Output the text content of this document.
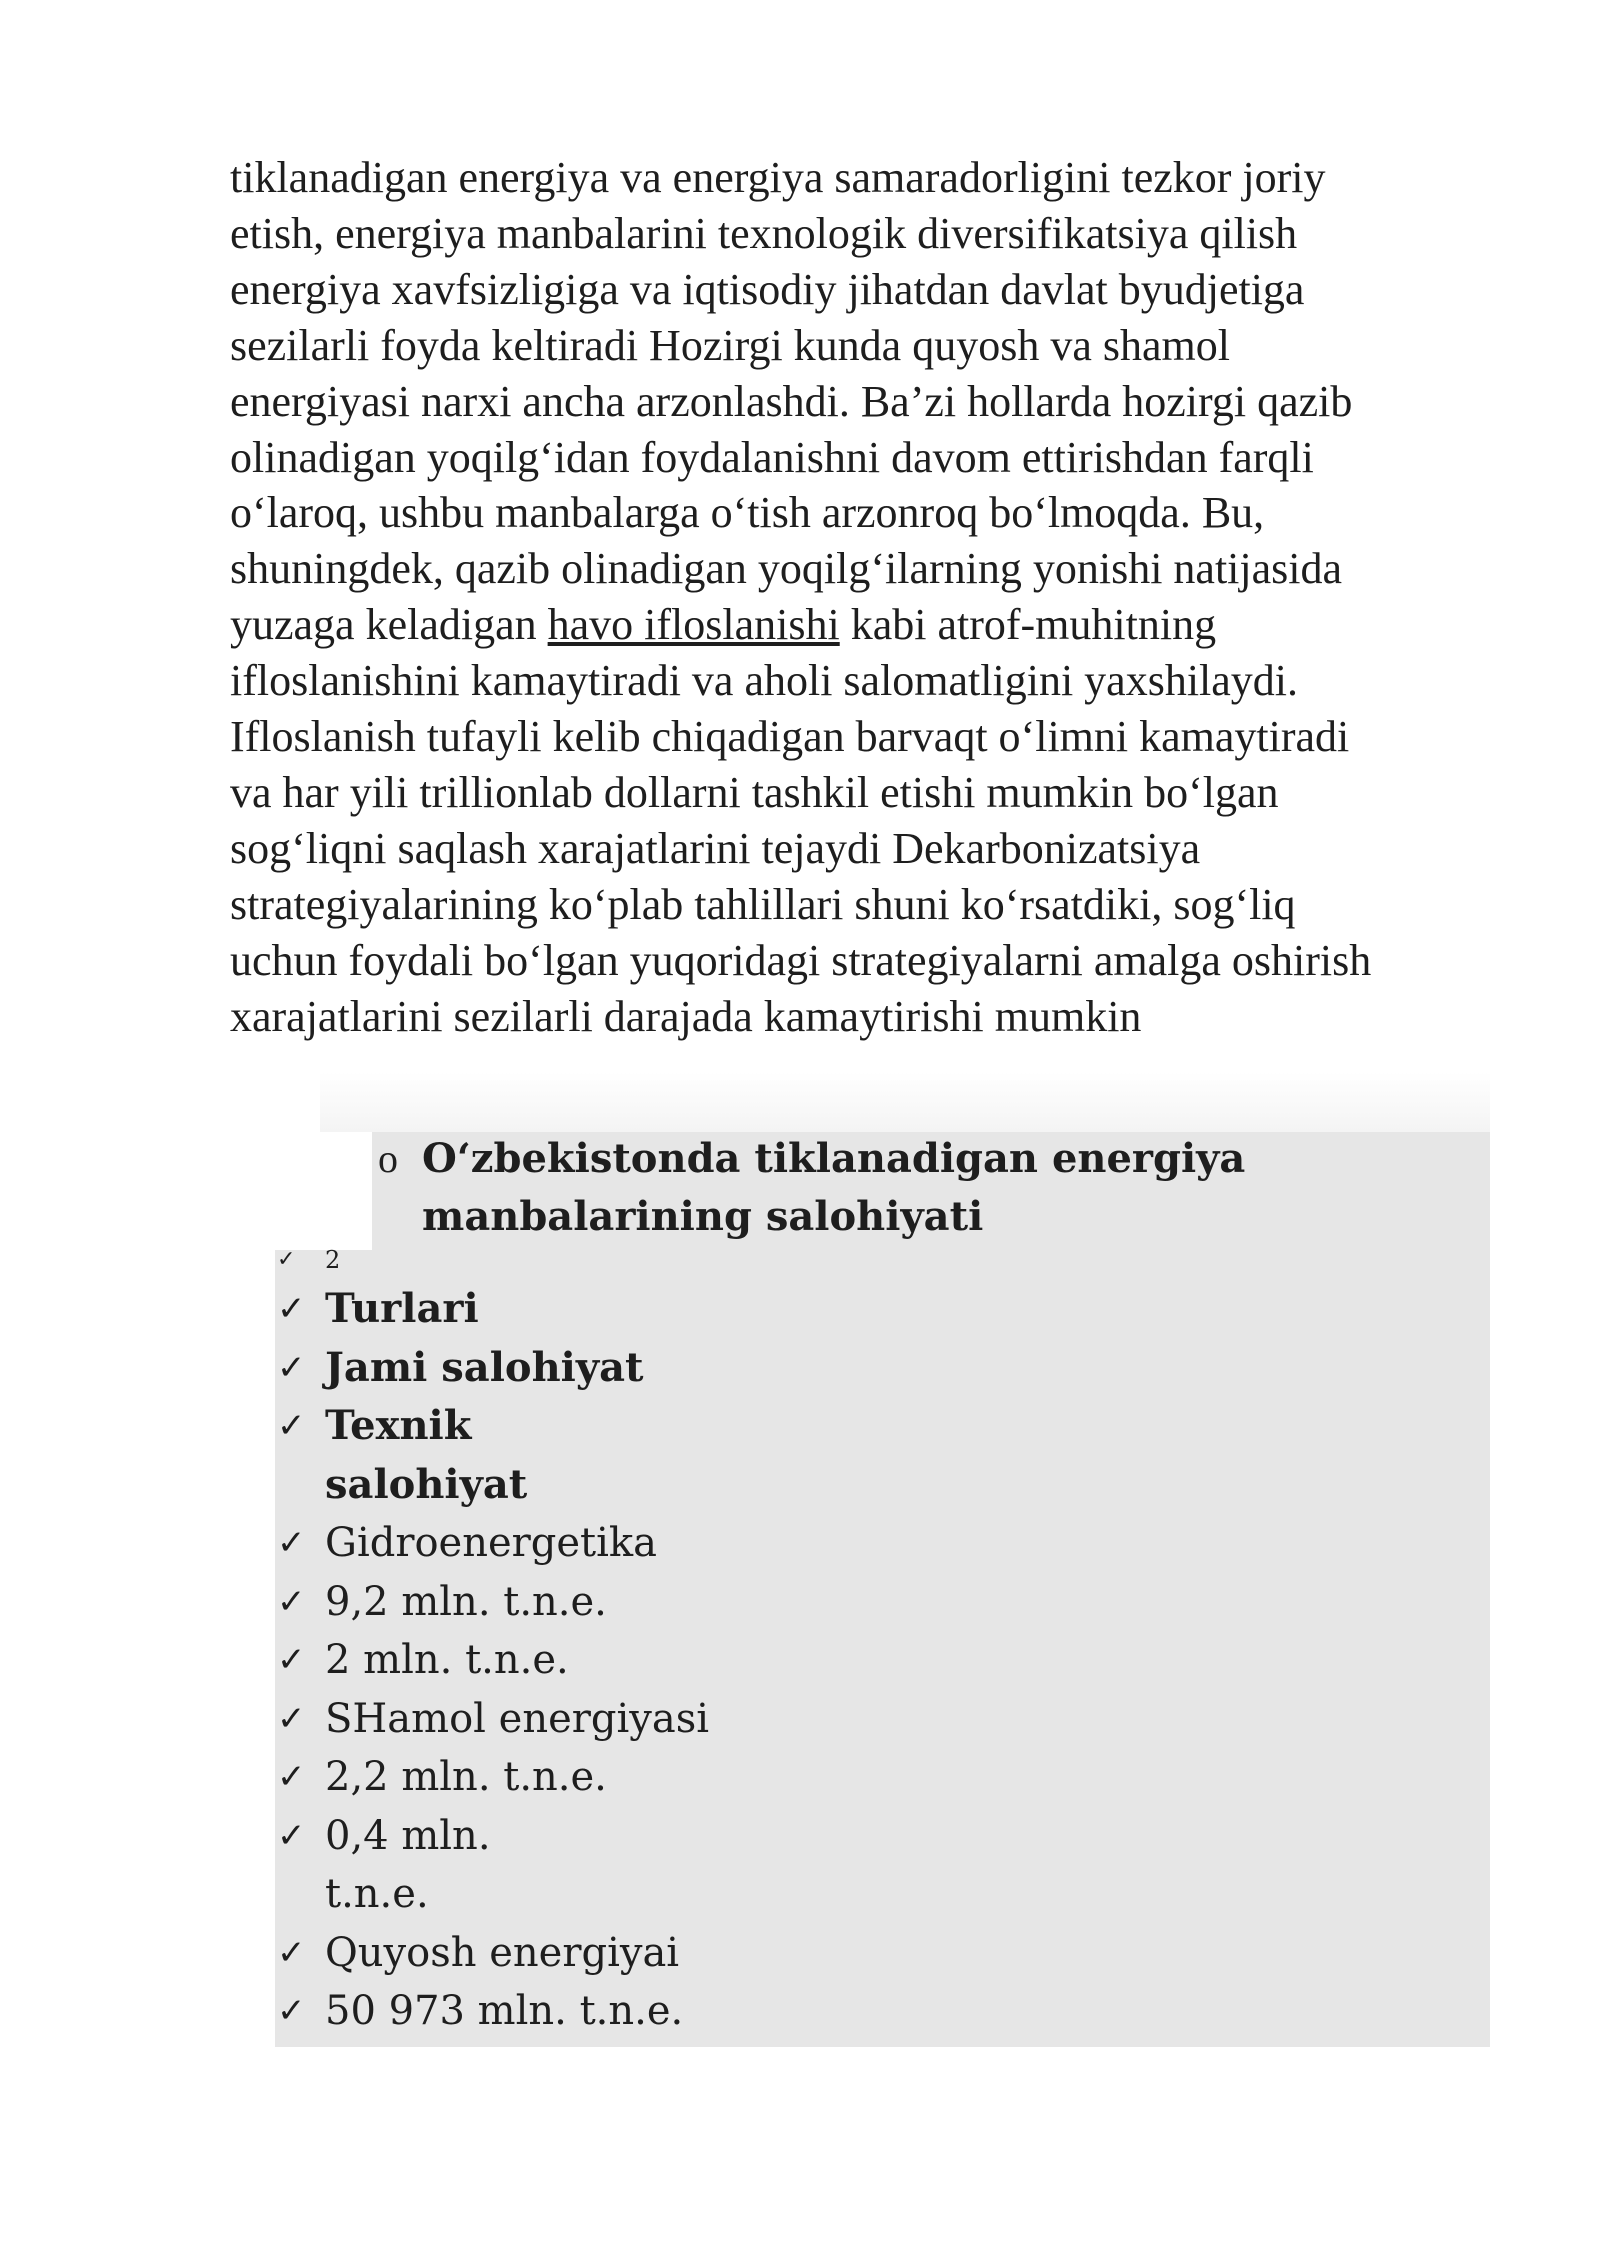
tiklanadigan energiya va energiya samaradorligini tezkor joriy

etish, energiya manbalarini texnologik diversifikatsiya qilish

energiya xavfsizligiga va iqtisodiy jihatdan davlat byudjetiga

sezilarli foyda keltiradi Hozirgi kunda quyosh va shamol

energiyasi narxi ancha arzonlashdi. Ba’zi hollarda hozirgi qazib

olinadigan yoqilg‘idan foydalanishni davom ettirishdan farqli

o‘laroq, ushbu manbalarga o‘tish arzonroq bo‘lmoqda. Bu,

shuningdek, qazib olinadigan yoqilg‘ilarning yonishi natijasida

yuzaga keladigan havo ifloslanishi kabi atrof-muhitning

ifloslanishini kamaytiradi va aholi salomatligini yaxshilaydi.

Ifloslanish tufayli kelib chiqadigan barvaqt o‘limni kamaytiradi

va har yili trillionlab dollarni tashkil etishi mumkin bo‘lgan

sog‘liqni saqlash xarajatlarini tejaydi Dekarbonizatsiya

strategiyalarining ko‘plab tahlillari shuni ko‘rsatdiki, sog‘liq

uchun foydali bo‘lgan yuqoridagi strategiyalarni amalga oshirish

xarajatlarini sezilarli darajada kamaytirishi mumkin

o O‘zbekistonda tiklanadigan energiya
manbalarining salohiyati
✓	2
✓ Turlari
✓ Jami salohiyat
✓ Texnik
salohiyat
✓ Gidroenergetika
✓ 9,2 mln. t.n.e.
✓ 2 mln. t.n.e.
✓ SHamol energiyasi
✓ 2,2 mln. t.n.e.
✓ 0,4 mln.
t.n.e.
✓ Quyosh energiyai
✓ 50 973 mln. t.n.e.
